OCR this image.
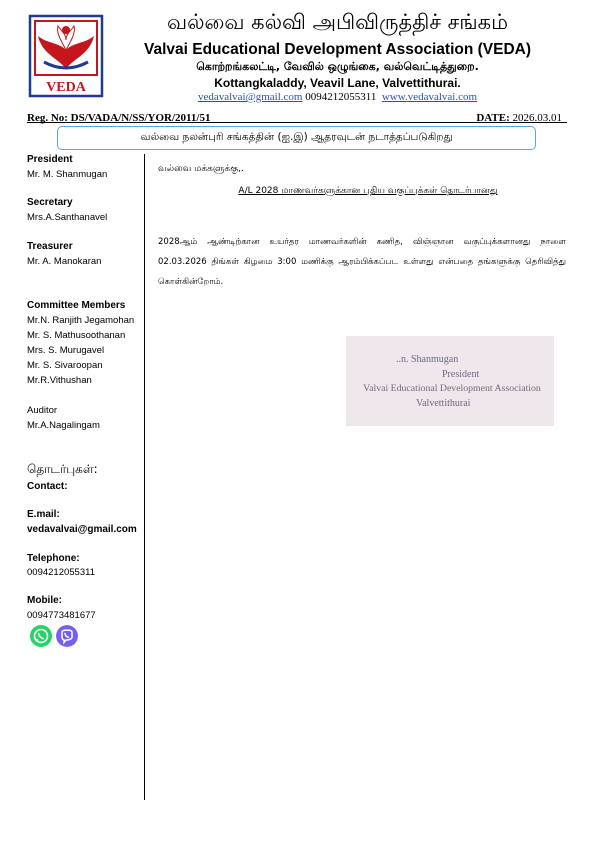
VEDA
வல்வை கல்வி அபிவிருத்திச் சங்கம்
Valvai Educational Development Association (VEDA)
கொற்றங்கலட்டி, வேவில் ஒழுங்கை, வல்வெட்டித்துறை.
Kottangkaladdy, Veavil Lane, Valvettithurai.
vedavalvai@gmail.com 0094212055311 www.vedavalvai.com
Reg. No: DS/VADA/N/SS/YOR/2011/51	DATE: 2026.03.01
வல்வை நலன்புரி சங்கத்தின் (ஐ.இ) ஆதரவுடன் நடாத்தப்படுகிறது
President
Mr. M. Shanmugan
Secretary
Mrs.A.Santhanavel
Treasurer
Mr. A. Manokaran
Committee Members
Mr.N. Ranjith Jegamohan
Mr. S. Mathusoothanan
Mrs. S. Murugavel
Mr. S. Sivaroopan
Mr.R.Vithushan
Auditor
Mr.A.Nagalingam
தொடர்புகள்:
Contact:
E.mail:
vedavalvai@gmail.com
Telephone:
0094212055311
Mobile:
0094773481677
வல்வை மக்களுக்கு,.
A/L 2028 மாணவர்களுக்கான புதிய வகுப்புக்கள் தொடர்பானது
2028ஆம் ஆண்டிற்கான உயர்தர மாணவர்களின் கணித, விஞ்ஞான வகுப்புக்களானது நாளை 02.03.2026 திங்கள் கிழமை 3:00 மணிக்கு ஆரம்பிக்கப்பட உள்ளது என்பதை தங்களுக்கு தெரிவித்து கொள்கின்றோம்.
..n. Shanmugan
President
Valvai Educational Development Association
Valvettithurai
